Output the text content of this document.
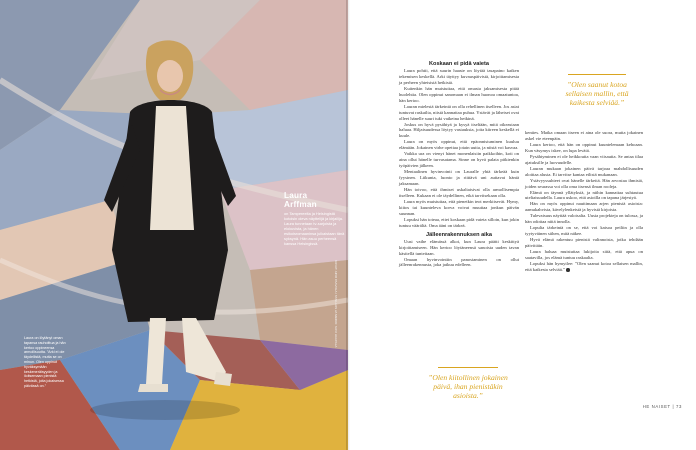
Laura
Arffman
on Tampereelta ja Helsingistä kotoisin oleva näyttelijä ja kirjailija. Laura tunnetaan tv-sarjoista ja elokuvista, ja hänen esikoisromaaninsa julkaistaan tänä syksynä. Hän asuu perheensä kanssa Helsingissä.
Laura on löytänyt oman tapansa rauhoittua ja hän kertoo oppineensa armollisuutta. ”Arki ei ole täydellistä, mutta se on minun. Olen oppinut hyväksymään keskeneräisyyden ja iloitsemaan pienistä hetkistä, joita jokaisessa päivässä on.”
KUVAT: AINO PAAVOLA / STAILAUS JA MEIKKI: SUVI HAAPALA

Koskaan ei pidä vaieta

Laura pohtii, että suurin haaste on löytää tasapaino kaiken tekemisen keskellä. Arki täyttyy kuvauspäivistä, kirjoittamisesta ja perheen yhteisistä hetkistä.

Kuitenkin hän muistuttaa, että omasta jaksamisesta pitää huolehtia. Olen oppinut sanomaan ei ilman huonoa omaatuntoa, hän kertoo.

Lauran mielestä tärkeintä on olla rehellinen itselleen. Jos asiat tuntuvat raskailta, niistä kannattaa puhua. Ystävät ja läheiset ovat olleet hänelle suuri tuki vaikeina hetkinä.

Joskus on hyvä pysähtyä ja kysyä itseltään, mitä oikeastaan haluaa. Hiljaisuudessa löytyy vastauksia, joita kiireen keskellä ei kuule.

Laura on myös oppinut, että epäonnistuminen kuuluu elämään. Jokainen virhe opettaa jotain uutta, ja niistä voi kasvaa.

Vaikka ura on vienyt hänet monenlaisiin paikkoihin, koti on aina ollut hänelle turvasatama. Sinne on hyvä palata pitkienkin työpäivien jälkeen.

Mentaalinen hyvinvointi on Lauralle yhtä tärkeää kuin fyysinen. Liikunta, luonto ja riittävä uni auttavat häntä jaksamaan.

Hän toivoo, että ihmiset uskaltaisivat olla armollisempia itselleen. Kukaan ei ole täydellinen, eikä tarvitsekaan olla.

Laura myös muistuttaa, että pienetkin teot merkitsevät. Hymy, kiitos tai kuunteleva korva voivat muuttaa jonkun päivän suunnan.

Lopuksi hän toteaa, ettei koskaan pidä vaieta silloin, kun jokin tuntuu väärältä. Oma ääni on tärkeä.

Jälleenrakennuksen aika

Uusi vaihe elämässä alkoi, kun Laura päätti keskittyä kirjoittamiseen. Hän kertoo löytäneensä sanoista uuden tavan käsitellä tunteitaan.

Omaan hyvinvointiin panostaminen on ollut jälleenrakennusta, joka jatkuu edelleen.

”Olen saanut kotoa sellaisen mallin, että kaikesta selviää.”

kenties. Matka omaan itseen ei aina ole suora, mutta jokainen askel vie eteenpäin.

Laura kertoo, että hän on oppinut kuuntelemaan kehoaan. Kun väsymys iskee, on lupa levätä.

Pysähtyminen ei ole heikkoutta vaan viisautta. Se antaa tilaa ajatuksille ja luovuudelle.

Lauran mukaan jokainen päivä tarjoaa mahdollisuuden aloittaa alusta. Ei tarvitse kantaa eilistä mukanaan.

Ystävyyssuhteet ovat hänelle tärkeitä. Hän arvostaa ihmisiä, joiden seurassa voi olla oma itsensä ilman rooleja.

Elämä on täynnä yllätyksiä, ja niihin kannattaa suhtautua uteliaisuudella. Laura uskoo, että asioilla on tapana järjestyä.

Hän on myös oppinut nauttimaan arjen pienistä asioista: aamukahvista, kävelylenkeistä ja hyvistä kirjoista.

Tulevaisuus näyttää valoisalta. Uusia projekteja on tulossa, ja hän odottaa niitä innolla.

Lopulta tärkeintä on se, että voi katsoa peiliin ja olla tyytyväinen siihen, mitä näkee.

Hyvä elämä rakentuu pienistä valinnoista, jotka tehdään päivittäin.

Laura haluaa muistuttaa lukijoita siitä, että apua on saatavilla, jos elämä tuntuu raskaalta.

Lopuksi hän hymyilee: ”Olen saanut kotoa sellaisen mallin, että kaikesta selviää.”

”Olen kiitollinen jokainen päivä, ihan pienistäkin asioista.”
HE NAISET | 73
